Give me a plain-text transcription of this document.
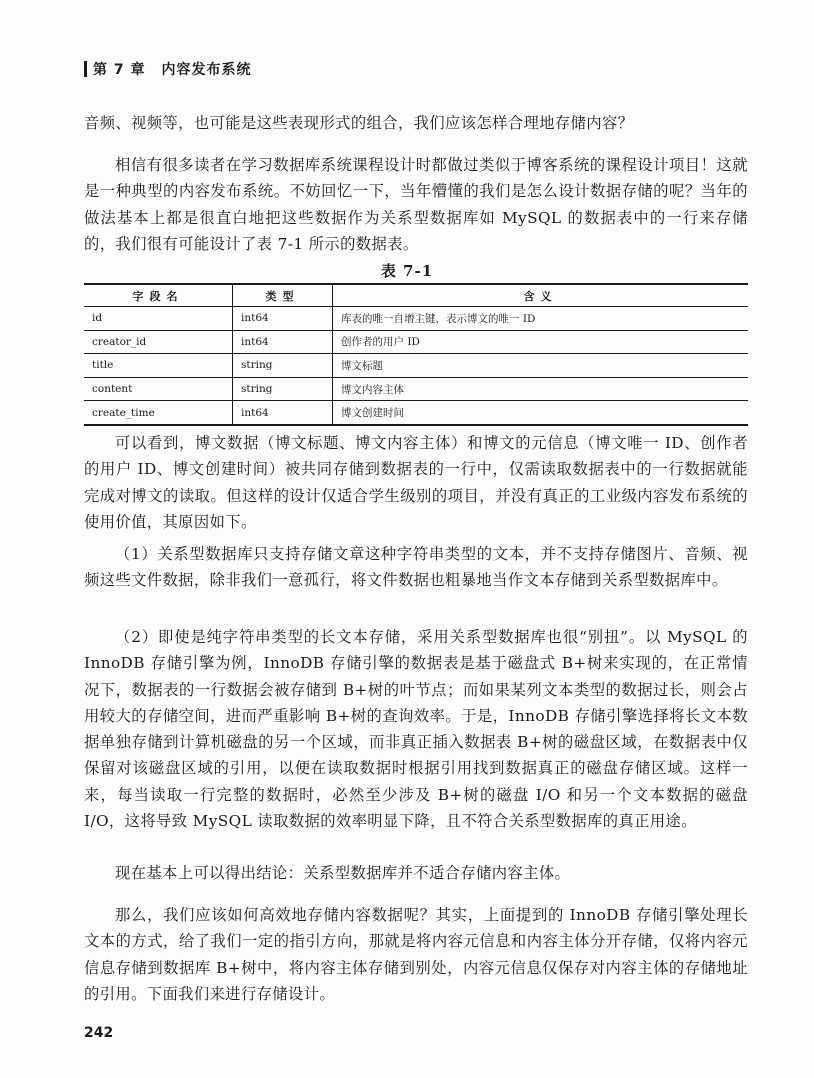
第 7 章 内容发布系统

音频、视频等，也可能是这些表现形式的组合，我们应该怎样合理地存储内容？

相信有很多读者在学习数据库系统课程设计时都做过类似于博客系统的课程设计项目！这就是一种典型的内容发布系统。不妨回忆一下，当年懵懂的我们是怎么设计数据存储的呢？当年的做法基本上都是很直白地把这些数据作为关系型数据库如 MySQL 的数据表中的一行来存储的，我们很有可能设计了表 7-1 所示的数据表。

表 7-1
字段名	类型	含义
id	int64	库表的唯一自增主键，表示博文的唯一 ID
creator_id	int64	创作者的用户 ID
title	string	博文标题
content	string	博文内容主体
create_time	int64	博文创建时间

可以看到，博文数据（博文标题、博文内容主体）和博文的元信息（博文唯一 ID、创作者的用户 ID、博文创建时间）被共同存储到数据表的一行中，仅需读取数据表中的一行数据就能完成对博文的读取。但这样的设计仅适合学生级别的项目，并没有真正的工业级内容发布系统的使用价值，其原因如下。

（1）关系型数据库只支持存储文章这种字符串类型的文本，并不支持存储图片、音频、视频这些文件数据，除非我们一意孤行，将文件数据也粗暴地当作文本存储到关系型数据库中。

（2）即使是纯字符串类型的长文本存储，采用关系型数据库也很“别扭”。以 MySQL 的 InnoDB 存储引擎为例，InnoDB 存储引擎的数据表是基于磁盘式 B+树来实现的，在正常情况下，数据表的一行数据会被存储到 B+树的叶节点；而如果某列文本类型的数据过长，则会占用较大的存储空间，进而严重影响 B+树的查询效率。于是，InnoDB 存储引擎选择将长文本数据单独存储到计算机磁盘的另一个区域，而非真正插入数据表 B+树的磁盘区域，在数据表中仅保留对该磁盘区域的引用，以便在读取数据时根据引用找到数据真正的磁盘存储区域。这样一来，每当读取一行完整的数据时，必然至少涉及 B+树的磁盘 I/O 和另一个文本数据的磁盘 I/O，这将导致 MySQL 读取数据的效率明显下降，且不符合关系型数据库的真正用途。

现在基本上可以得出结论：关系型数据库并不适合存储内容主体。

那么，我们应该如何高效地存储内容数据呢？其实，上面提到的 InnoDB 存储引擎处理长文本的方式，给了我们一定的指引方向，那就是将内容元信息和内容主体分开存储，仅将内容元信息存储到数据库 B+树中，将内容主体存储到别处，内容元信息仅保存对内容主体的存储地址的引用。下面我们来进行存储设计。

242
